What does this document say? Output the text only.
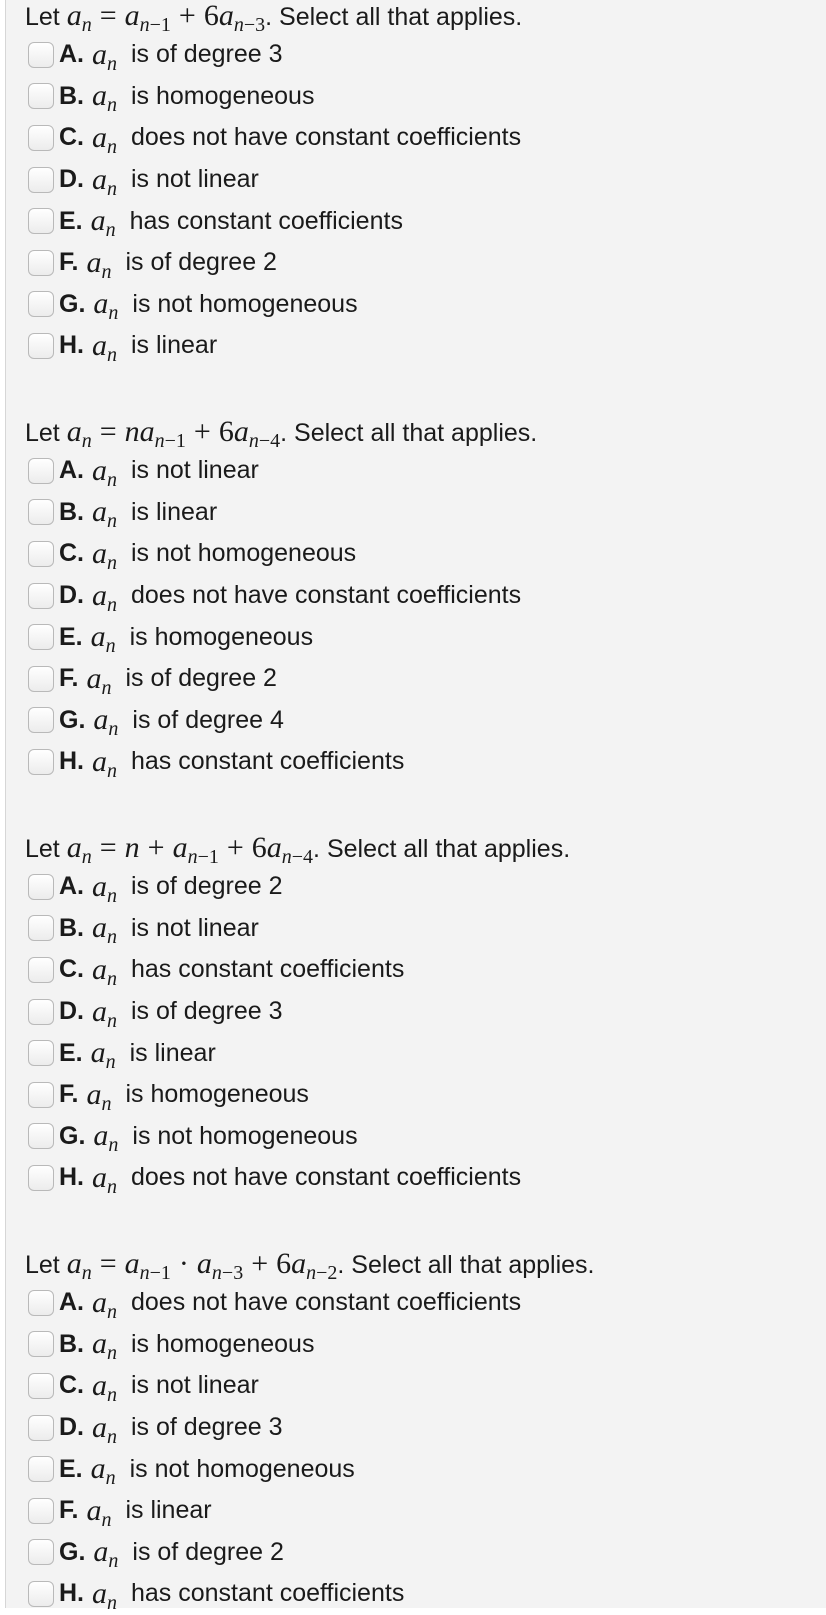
Let $a_n = a_{n-1} + 6a_{n-3}$. Select all that applies.
A. $a_n$ is of degree 3
B. $a_n$ is homogeneous
C. $a_n$ does not have constant coefficients
D. $a_n$ is not linear
E. $a_n$ has constant coefficients
F. $a_n$ is of degree 2
G. $a_n$ is not homogeneous
H. $a_n$ is linear
Let $a_n = na_{n-1} + 6a_{n-4}$. Select all that applies.
A. $a_n$ is not linear
B. $a_n$ is linear
C. $a_n$ is not homogeneous
D. $a_n$ does not have constant coefficients
E. $a_n$ is homogeneous
F. $a_n$ is of degree 2
G. $a_n$ is of degree 4
H. $a_n$ has constant coefficients
Let $a_n = n + a_{n-1} + 6a_{n-4}$. Select all that applies.
A. $a_n$ is of degree 2
B. $a_n$ is not linear
C. $a_n$ has constant coefficients
D. $a_n$ is of degree 3
E. $a_n$ is linear
F. $a_n$ is homogeneous
G. $a_n$ is not homogeneous
H. $a_n$ does not have constant coefficients
Let $a_n = a_{n-1} \cdot a_{n-3} + 6a_{n-2}$. Select all that applies.
A. $a_n$ does not have constant coefficients
B. $a_n$ is homogeneous
C. $a_n$ is not linear
D. $a_n$ is of degree 3
E. $a_n$ is not homogeneous
F. $a_n$ is linear
G. $a_n$ is of degree 2
H. $a_n$ has constant coefficients
